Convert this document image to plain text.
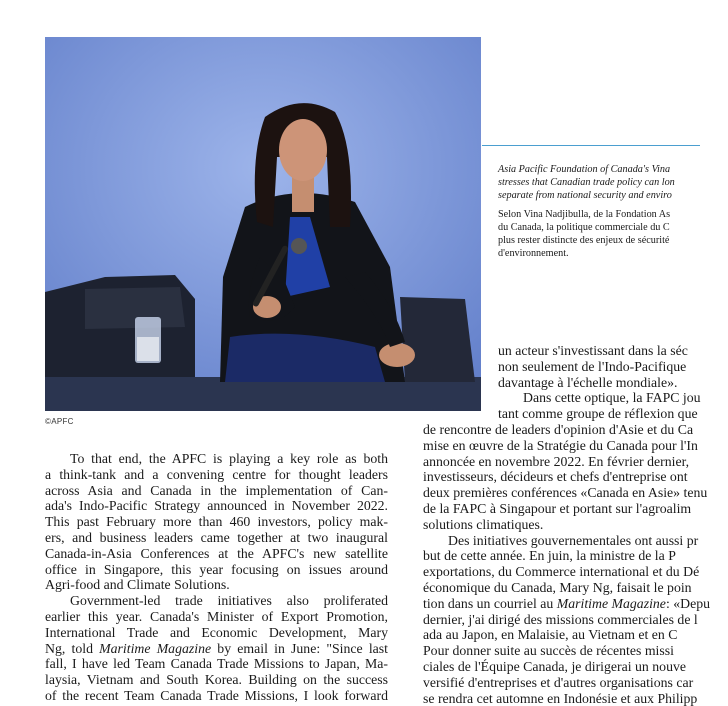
©APFC

Asia Pacific Foundation of Canada's Vina
stresses that Canadian trade policy can lon
separate from national security and enviro

Selon Vina Nadjibulla, de la Fondation As
du Canada, la politique commerciale du C
plus rester distincte des enjeux de sécurité
d'environnement.

To that end, the APFC is playing a key role as both
a think-tank and a convening centre for thought leaders
across Asia and Canada in the implementation of Can-
ada's Indo-Pacific Strategy announced in November 2022.
This past February more than 460 investors, policy mak-
ers, and business leaders came together at two inaugural
Canada-in-Asia Conferences at the APFC's new satellite
office in Singapore, this year focusing on issues around
Agri-food and Climate Solutions.
Government-led trade initiatives also proliferated
earlier this year. Canada's Minister of Export Promotion,
International Trade and Economic Development, Mary
Ng, told Maritime Magazine by email in June: "Since last
fall, I have led Team Canada Trade Missions to Japan, Ma-
laysia, Vietnam and South Korea. Building on the success
of the recent Team Canada Trade Missions, I look forward
un acteur s'investissant dans la séc
non seulement de l'Indo-Pacifique
davantage à l'échelle mondiale».
Dans cette optique, la FAPC jou
tant comme groupe de réflexion que
de rencontre de leaders d'opinion d'Asie et du Ca
mise en œuvre de la Stratégie du Canada pour l'In
annoncée en novembre 2022. En février dernier,
investisseurs, décideurs et chefs d'entreprise ont
deux premières conférences «Canada en Asie» tenu
de la FAPC à Singapour et portant sur l'agroalim
solutions climatiques.
Des initiatives gouvernementales ont aussi pr
but de cette année. En juin, la ministre de la P
exportations, du Commerce international et du Dé
économique du Canada, Mary Ng, faisait le poin
tion dans un courriel au Maritime Magazine: «Depu
dernier, j'ai dirigé des missions commerciales de l
ada au Japon, en Malaisie, au Vietnam et en C
Pour donner suite au succès de récentes missi
ciales de l'Équipe Canada, je dirigerai un nouve
versifié d'entreprises et d'autres organisations car
se rendra cet automne en Indonésie et aux Philipp
